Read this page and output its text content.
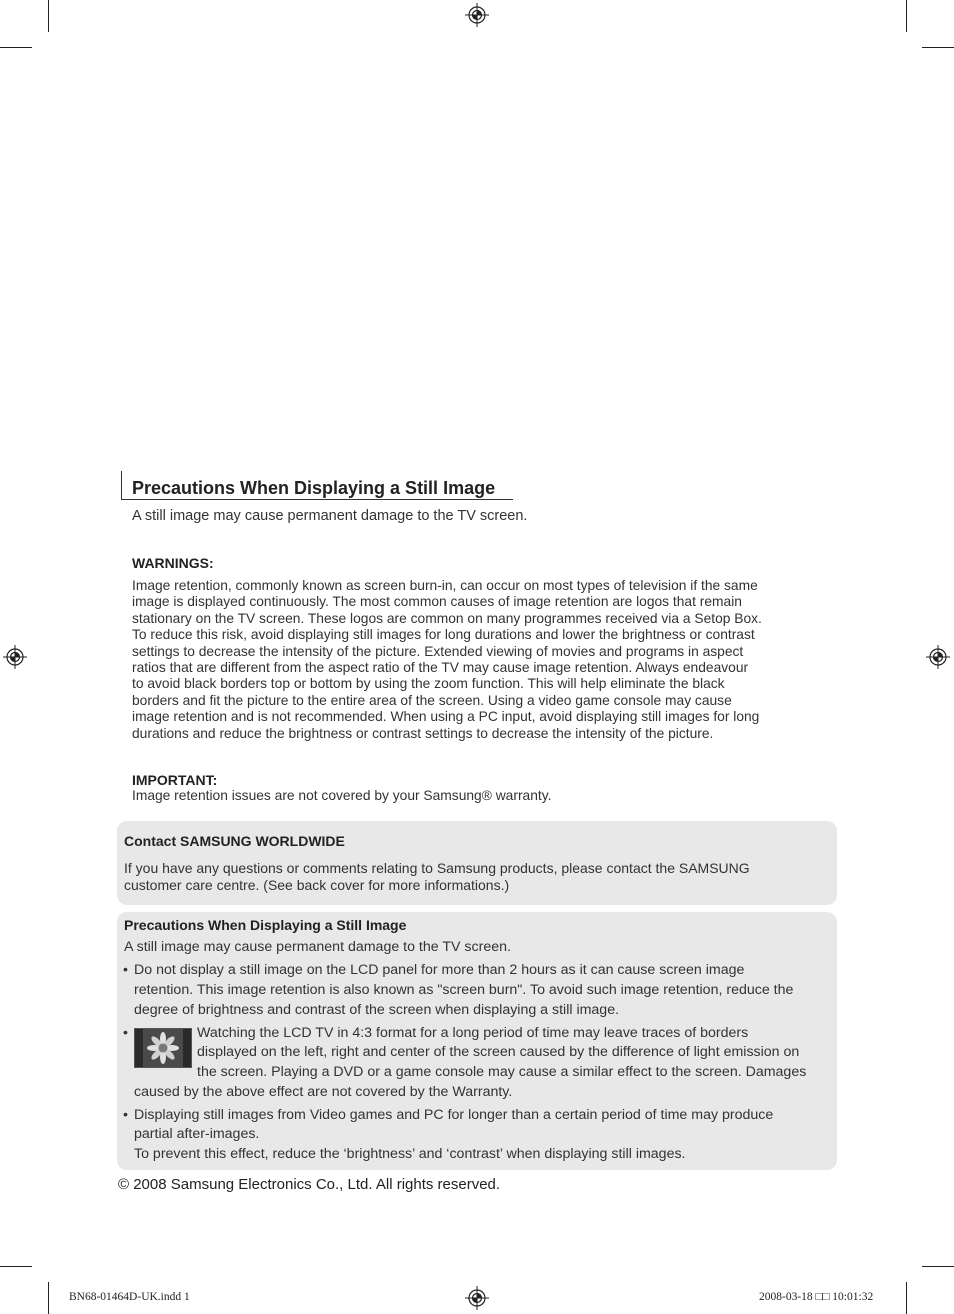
Precautions When Displaying a Still Image
A still image may cause permanent damage to the TV screen.
WARNINGS:
Image retention, commonly known as screen burn-in, can occur on most types of television if the same
image is displayed continuously. The most common causes of image retention are logos that remain
stationary on the TV screen. These logos are common on many programmes received via a Setop Box.
To reduce this risk, avoid displaying still images for long durations and lower the brightness or contrast
settings to decrease the intensity of the picture. Extended viewing of movies and programs in aspect
ratios that are different from the aspect ratio of the TV may cause image retention. Always endeavour
to avoid black borders top or bottom by using the zoom function. This will help eliminate the black
borders and fit the picture to the entire area of the screen. Using a video game console may cause
image retention and is not recommended. When using a PC input, avoid displaying still images for long
durations and reduce the brightness or contrast settings to decrease the intensity of the picture.
IMPORTANT:
Image retention issues are not covered by your Samsung® warranty.
Contact SAMSUNG WORLDWIDE
If you have any questions or comments relating to Samsung products, please contact the SAMSUNG
customer care centre. (See back cover for more informations.)
Precautions When Displaying a Still Image
A still image may cause permanent damage to the TV screen.
• Do not display a still image on the LCD panel for more than 2 hours as it can cause screen image
retention. This image retention is also known as "screen burn". To avoid such image retention, reduce the
degree of brightness and contrast of the screen when displaying a still image.
•	Watching the LCD TV in 4:3 format for a long period of time may leave traces of borders
displayed on the left, right and center of the screen caused by the difference of light emission on
the screen. Playing a DVD or a game console may cause a similar effect to the screen. Damages
caused by the above effect are not covered by the Warranty.
• Displaying still images from Video games and PC for longer than a certain period of time may produce
partial after-images.
To prevent this effect, reduce the ‘brightness’ and ‘contrast’ when displaying still images.
© 2008 Samsung Electronics Co., Ltd. All rights reserved.
BN68-01464D-UK.indd 1	2008-03-18 □□ 10:01:32
